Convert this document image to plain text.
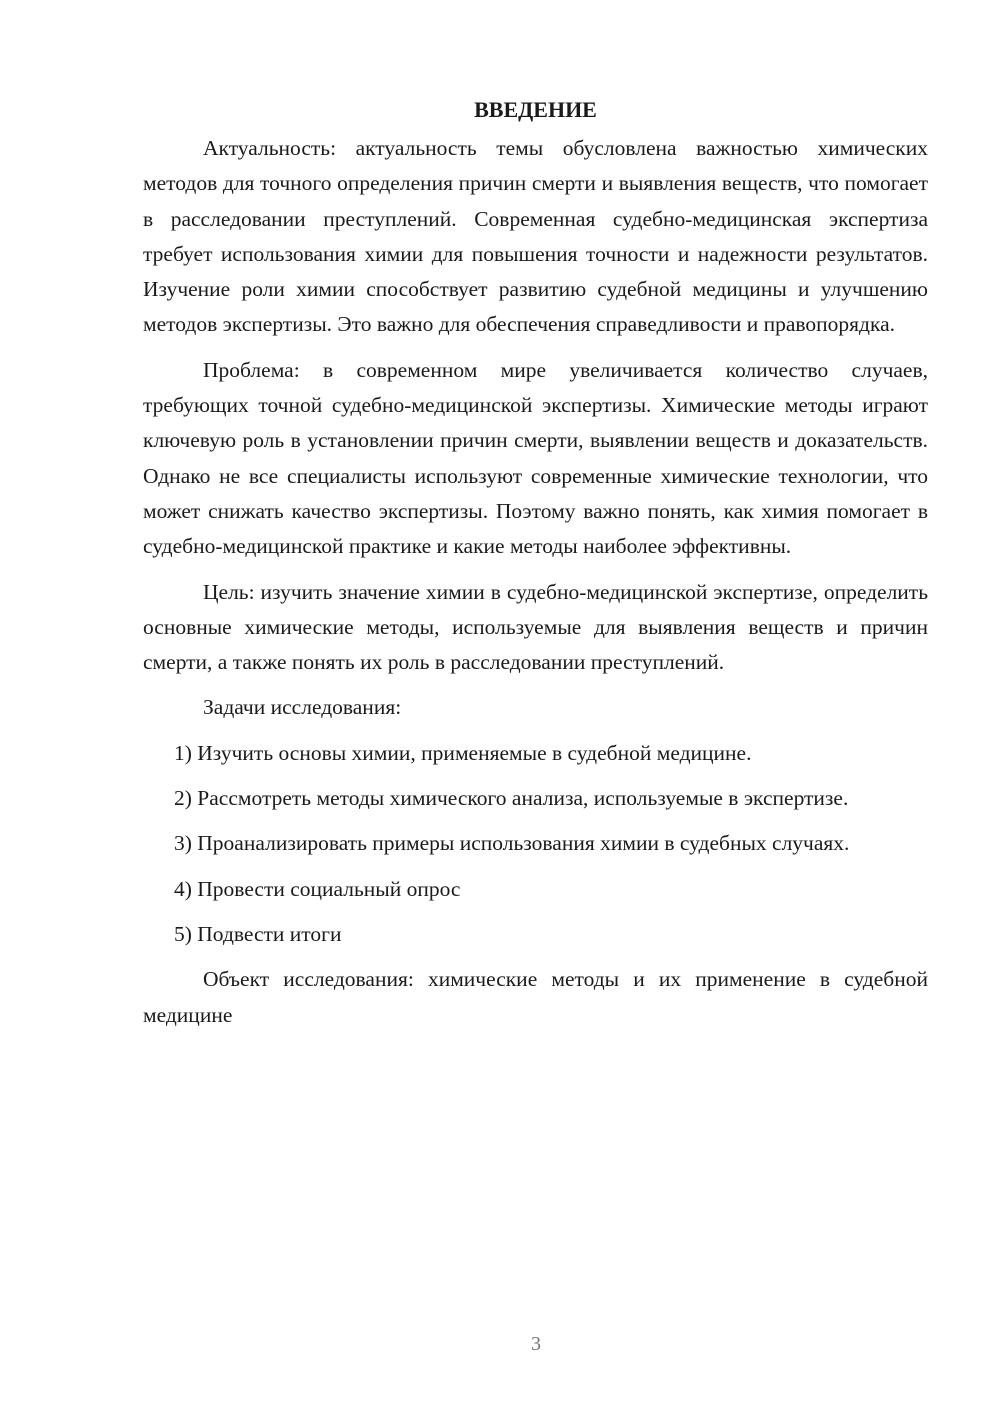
ВВЕДЕНИЕ

Актуальность: актуальность темы обусловлена важностью химических методов для точного определения причин смерти и выявления веществ, что помогает в расследовании преступлений. Современная судебно-медицинская экспертиза требует использования химии для повышения точности и надежности результатов. Изучение роли химии способствует развитию судебной медицины и улучшению методов экспертизы. Это важно для обеспечения справедливости и правопорядка.

Проблема: в современном мире увеличивается количество случаев, требующих точной судебно-медицинской экспертизы. Химические методы играют ключевую роль в установлении причин смерти, выявлении веществ и доказательств. Однако не все специалисты используют современные химические технологии, что может снижать качество экспертизы. Поэтому важно понять, как химия помогает в судебно-медицинской практике и какие методы наиболее эффективны.

Цель: изучить значение химии в судебно-медицинской экспертизе, определить основные химические методы, используемые для выявления веществ и причин смерти, а также понять их роль в расследовании преступлений.

Задачи исследования:

1) Изучить основы химии, применяемые в судебной медицине.

2) Рассмотреть методы химического анализа, используемые в экспертизе.

3) Проанализировать примеры использования химии в судебных случаях.

4) Провести социальный опрос

5) Подвести итоги

Объект исследования: химические методы и их применение в судебной медицине

3
